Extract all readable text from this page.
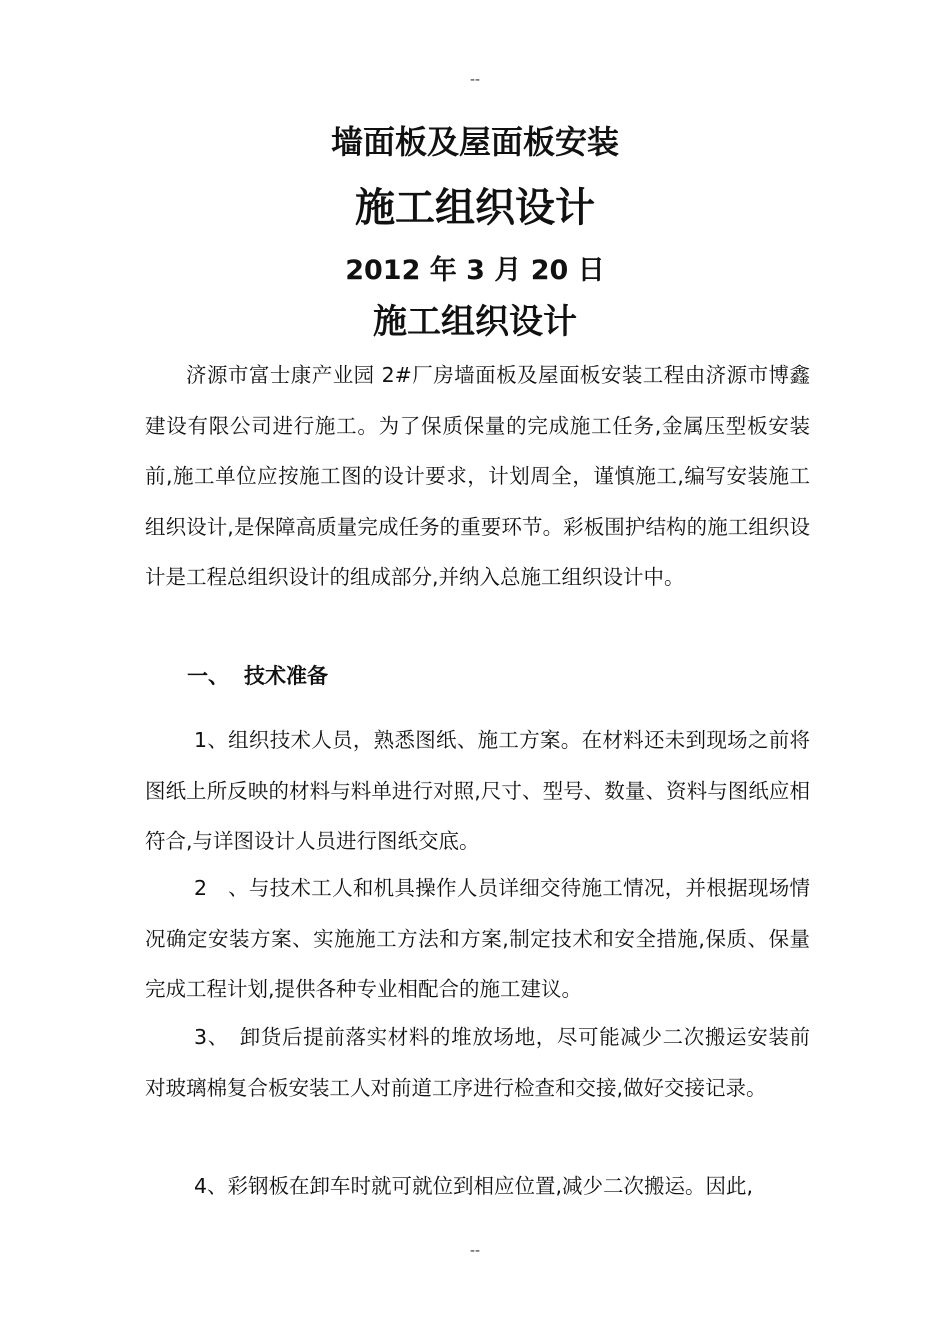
--
墙面板及屋面板安装
施工组织设计
2012 年 3 月 20 日
施工组织设计

济源市富士康产业园 2#厂房墙面板及屋面板安装工程由济源市博鑫建设有限公司进行施工。为了保质保量的完成施工任务,金属压型板安装前,施工单位应按施工图的设计要求，计划周全，谨慎施工,编写安装施工组织设计,是保障高质量完成任务的重要环节。彩板围护结构的施工组织设计是工程总组织设计的组成部分,并纳入总施工组织设计中。

一、 技术准备

1、组织技术人员，熟悉图纸、施工方案。在材料还未到现场之前将图纸上所反映的材料与料单进行对照,尺寸、型号、数量、资料与图纸应相符合,与详图设计人员进行图纸交底。

2　、与技术工人和机具操作人员详细交待施工情况，并根据现场情况确定安装方案、实施施工方法和方案,制定技术和安全措施,保质、保量完成工程计划,提供各种专业相配合的施工建议。

3、　卸货后提前落实材料的堆放场地，尽可能减少二次搬运安装前对玻璃棉复合板安装工人对前道工序进行检查和交接,做好交接记录。

4、彩钢板在卸车时就可就位到相应位置,减少二次搬运。因此,

--
